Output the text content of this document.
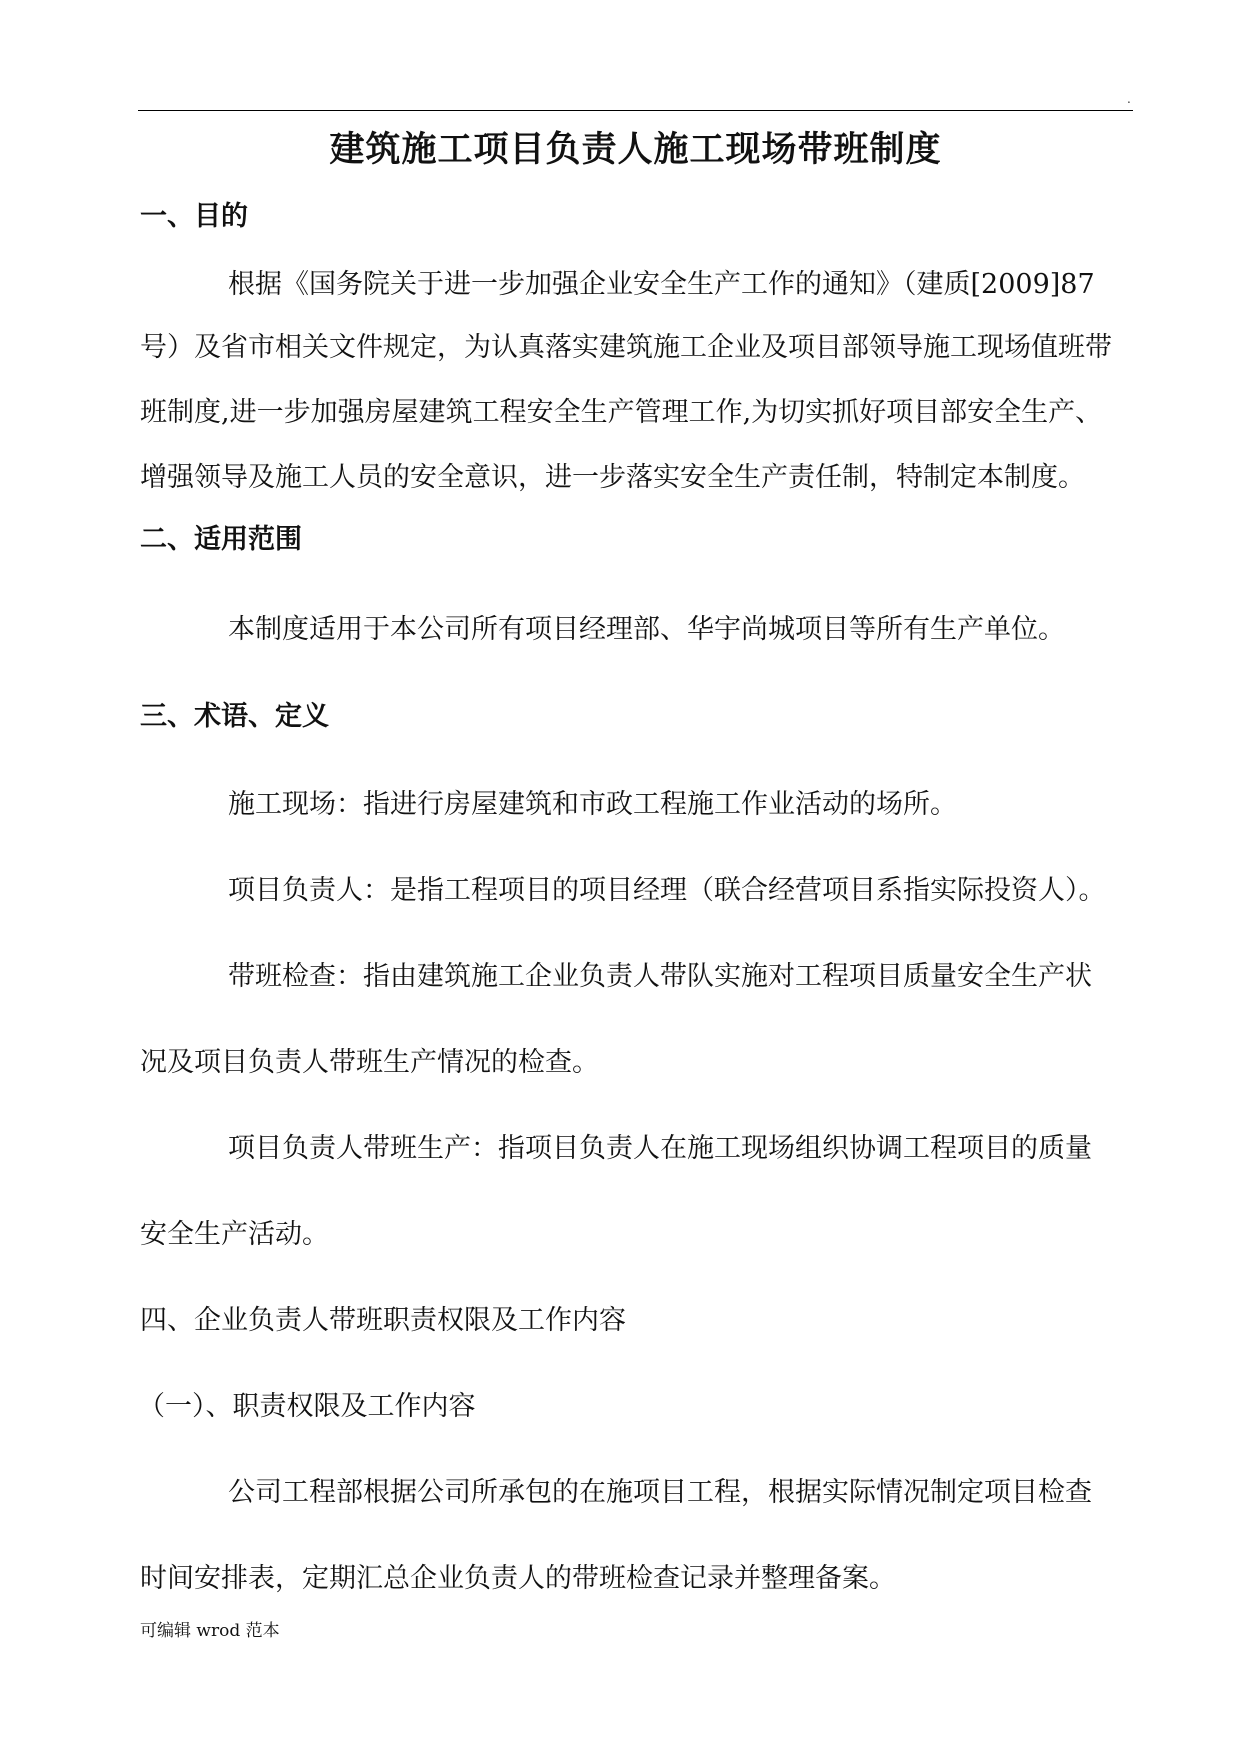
.
建筑施工项目负责人施工现场带班制度
一、目的

根据《国务院关于进一步加强企业安全生产工作的通知》（建质[2009]87

号）及省市相关文件规定，为认真落实建筑施工企业及项目部领导施工现场值班带

班制度,进一步加强房屋建筑工程安全生产管理工作,为切实抓好项目部安全生产、

增强领导及施工人员的安全意识，进一步落实安全生产责任制，特制定本制度。

二、适用范围

本制度适用于本公司所有项目经理部、华宇尚城项目等所有生产单位。

三、术语、定义

施工现场：指进行房屋建筑和市政工程施工作业活动的场所。

项目负责人：是指工程项目的项目经理（联合经营项目系指实际投资人）。

带班检查：指由建筑施工企业负责人带队实施对工程项目质量安全生产状

况及项目负责人带班生产情况的检查。

项目负责人带班生产：指项目负责人在施工现场组织协调工程项目的质量

安全生产活动。

四、企业负责人带班职责权限及工作内容

（一）、职责权限及工作内容

公司工程部根据公司所承包的在施项目工程，根据实际情况制定项目检查

时间安排表，定期汇总企业负责人的带班检查记录并整理备案。

可编辑 wrod 范本
